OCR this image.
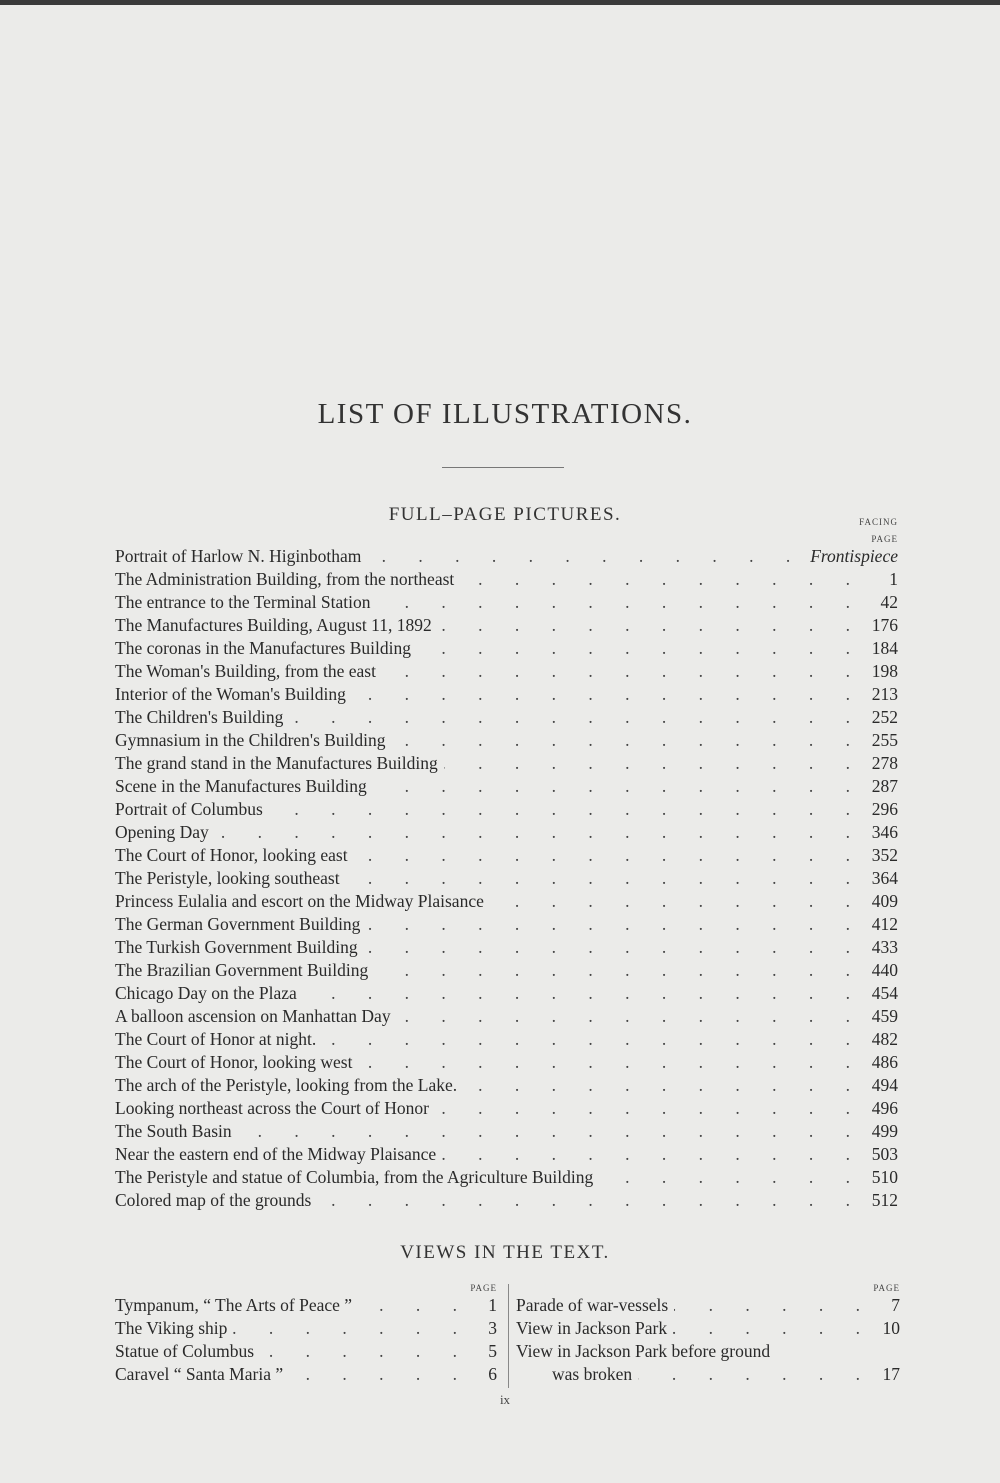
LIST OF ILLUSTRATIONS.
FULL–PAGE PICTURES.	FACING
PAGE
Portrait of Harlow N. Higinbotham . . .	Frontispiece
The Administration Building, from the northeast . . .	1
The entrance to the Terminal Station . . .	42
The Manufactures Building, August 11, 1892 . . .	176
The coronas in the Manufactures Building . . .	184
The Woman's Building, from the east . . .	198
Interior of the Woman's Building . . .	213
The Children's Building . . .	252
Gymnasium in the Children's Building . . .	255
The grand stand in the Manufactures Building . . .	278
Scene in the Manufactures Building . . .	287
Portrait of Columbus . . .	296
Opening Day . . .	346
The Court of Honor, looking east . . .	352
The Peristyle, looking southeast . . .	364
Princess Eulalia and escort on the Midway Plaisance . . .	409
The German Government Building . . .	412
The Turkish Government Building . . .	433
The Brazilian Government Building . . .	440
Chicago Day on the Plaza . . .	454
A balloon ascension on Manhattan Day . . .	459
The Court of Honor at night. . . .	482
The Court of Honor, looking west . . .	486
The arch of the Peristyle, looking from the Lake. . . .	494
Looking northeast across the Court of Honor . . .	496
The South Basin . . .	499
Near the eastern end of the Midway Plaisance . . .	503
The Peristyle and statue of Columbia, from the Agriculture Building . . .	510
Colored map of the grounds . . .	512
VIEWS IN THE TEXT.
PAGE	PAGE
Tympanum, “ The Arts of Peace ” . . .	1
The Viking ship . . .	3
Statue of Columbus . . .	5
Caravel “ Santa Maria ” . . .	6
Parade of war-vessels . . .	7
View in Jackson Park . . .	10
View in Jackson Park before ground
was broken . . .	17
ix
